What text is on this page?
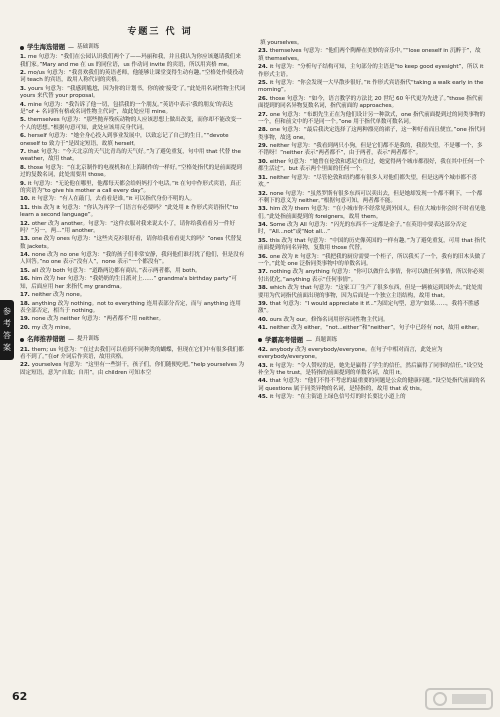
参考答案
专题三 代 词
学生海选错题 — 基础训练
1. me 句意为：“我们在公园认识我们两个了——玛丽和我，并且我认为你应该邀请我们来我们家。”Mary and me 在 us 的同位语，us 作动词 invite 的宾语，所以用宾格 me。
2. mo/us 句意为：“我喜欢我们的英语老师，他能够让课堂变得生动有趣。”空格处作使役动词 teach 的宾语，故用人称代词的宾格。
3. yours 句意为：“我感到尴尬，因为你的计划书，你的被‘接受’了。”此处用名词性物主代词 yours 来代替 your proposal。
4. mine 句意为：“我告诉了他一切，包括我的一个朋友。”英语中表示‘我的朋友’的表达是“of + 名词所有格或名词性物主代词”，故此处应用 mine。
5. themselves 句意为：“那些抛弃残疾动物的人应该思想上做出改变，而你却不能改变一个人的思想。”根据句意可知，此处应该用反身代词。
6. herself 句意为：“她全身心投入到事业发展中，以致忘记了自己的生日。”“devote oneself to 致力于”是固定短语，故填 herself。
7. that 句意为：“今天北京的天气比青岛的天气好。”为了避免重复，句中用 that 代替 the weather，故用 that。
8. those 句意为：“在北京制作的电视机和在上海制作的一样好。”空格处指代的是前面提到过的复数名词，此处需要用 those。
9. it 句意为：“无论他在哪里，他都每天都会给妈妈打个电话。”it 在句中作形式宾语，真正的宾语为“to give his mother a call every day”。
10. it 句意为：“有人在敲门，去看看是谁。”it 可以指代身份不明的人。
11. this 改为 it 句意为：“你认为再学一门语言有必要吗？”此处用 it 作形式宾语指代“to learn a second language”。
12. other 改为 another。句意为：“这件衣服对我来说太小了，请你给我看看另一件好吗？”另一，两…”用 another。
13. one 改为 ones 句意为：“这些夹克衫很好看，请你给我看看更大的吗？”ones 代替复数 jackets。
14. none 改为 no one 句意为：“我的孩子们非常安静，我问他们谁打扰了他们，但是没有人回答。”no one 表示“没有人”，none 表示“一个都没有”。
15. all 改为 both 句意为：“道路两边都有商店。”表示两者都，用 both。
16. him 改为 her 句意为：“我奶奶的生日派对上……” grandma's birthday party”可知，后面应用 her 来指代 my grandma。
17. neither 改为 none。
18. anything 改为 nothing。not to everything 连用表部分否定，而与 anything 连用表全部否定，相当于 nothing。
19. none 改为 neither 句意为：“两者都不”用 neither。
20. my 改为 mine。
名师推荐错题 — 提升训练
21. them; us 句意为：“在过去我们可以看到不同种类的蝴蝶，但现在它们中有很多我们都看不到了。”在of 介词后作宾语，故用宾格。
22. yourselves 句意为：“这里有一些饼干，孩子们，你们随便吃吧。”help yourselves 为固定短语，意为“自取；自用”。由 children 可知本空
填 yourselves。
23. themselves 句意为：“他们两个陶醉在美妙的音乐中。”“lose oneself in 沉醉于”，故填 themselves。
24. it 句意为：“分析句子结构可知，主句部分的主语是“to keep good eyesight”，所以 it 作形式主语。
25. it 句意为：“你会发现一大早散步很好。”it 作形式宾语指代“taking a walk early in the morning”。
26. those 句意为：“如今，语言教学的方法比 20 世纪 60 年代更为先进了。”those 指代前面提到的同名异物复数名词，指代前面的 approaches。
27. one 句意为：“布朗先生正在为他们设计另一种款式，one 指代前面提到过的同类事物的一个，但和前文中的不是同一个。”one 用于指代单数可数名词。
28. one 句意为：“最后我决定选择了这两种漂亮的裙子，这一种好看而且便宜。”one 指代同类事物，故选 one。
29. neither 句意为：“我看到两只小狗，但是它们都不是我的，我很失望，不是哪一个，多不错呀！”neither 表示“两者都不”，由于两者，表示“两者都不”。
30. either 句意为：“她曾在伦敦和悉尼市住过，她觉得两个城市都很好，我在其中任何一个都生活过”。but 表示两个里面的任何一个。
31. neither 句意为：“尽管伦敦和纽约都有很多人对他们都失望，但是这两个城市都不喜欢。”
32. none 句意为：“虽然罗斯有很多东西可以卖出去，但是她却发现一个都不剩下，一个都不剩下的意义为 neither。”根据句意可知，两者都不能。
33. him 改为 them 句意为：“在小城市你不经常见到外国人，但在大城市你会时不时看见他们。”此处指前面提到的 foreigners，故用 them。
34. Some 改为 All 句意为：“闪光的东西不一定都是金子。”在英语中要表达部分否定时，“All...not”或“Not all...”
35. this 改为 that 句意为：“中国的历史像英国的一样有趣。”为了避免重复，可用 that 指代前面提到的同名异物，复数用 those 代替。
36. one 改为 it 句意为：“我把我的厨房需要一个柜子，所以我买了一个，我有的旧木头做了一个。”此处 one 泛指同类事物中的单数名词。
37. nothing 改为 anything 句意为：“你可以做什么事情，你可以做任何事情，所以你必须付出优化。”anything 表示“任何事情”。
38. which 改为 that 句意为：“这家工厂生产了很多东西，但是一辆被运到国外去。”此处需要用为代词指代前面出现的事物，因为后面是一个独立主语结构，故用 that。
39. that 句意为：“I would appreciate it if...”为固定句型，意为“如果……，我将不胜感激”。
40. ours 改为 our。修饰名词用形容词性物主代词。
41. neither 改为 either。“not...either”和“neither”，句子中已经有 not，故用 either。
学霸高考错题 — 真题训练
42. anybody 改为 everybody/everyone。在句子中相对而言，此处应为 everybody/everyone。
43. it 句意为：“令人赞叹的是，她先是赢得了学生的信任，然后赢得了同事的信任。”设空处补全为 the trust，是特指的前面提到的单数名词，故用 it。
44. that 句意为：“他们不得不考虑的最重要的问题是公众的健康问题。”设空处指代前面的名词 questions 属于同类异物的名词，是特指的，故用 that 或 this。
45. it 句意为：“在主街道上绿色信号灯的时长要比小道上的
62
